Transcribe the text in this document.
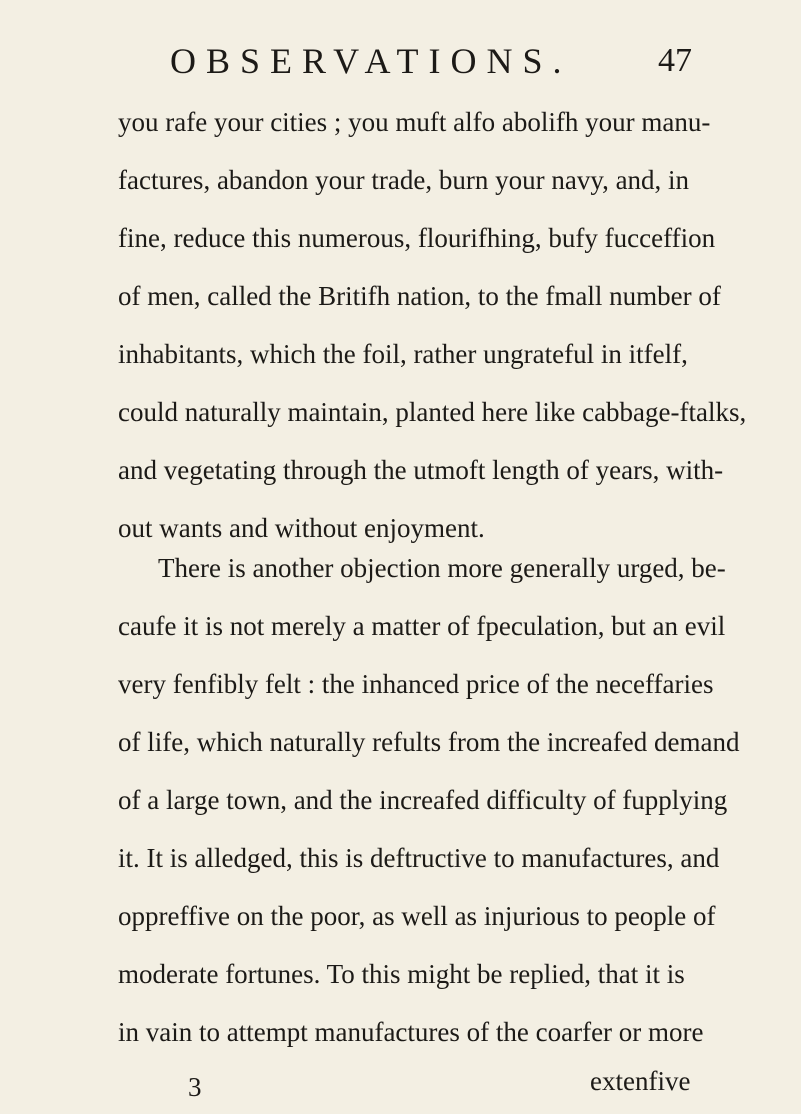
OBSERVATIONS.	47
you rafe your cities ; you muft alfo abolifh your manu-
factures, abandon your trade, burn your navy, and, in
fine, reduce this numerous, flourifhing, bufy fucceffion
of men, called the Britifh nation, to the fmall number of
inhabitants, which the foil, rather ungrateful in itfelf,
could naturally maintain, planted here like cabbage-ftalks,
and vegetating through the utmoft length of years, with-
out wants and without enjoyment.
There is another objection more generally urged, be-
caufe it is not merely a matter of fpeculation, but an evil
very fenfibly felt : the inhanced price of the neceffaries
of life, which naturally refults from the increafed demand
of a large town, and the increafed difficulty of fupplying
it. It is alledged, this is deftructive to manufactures, and
oppreffive on the poor, as well as injurious to people of
moderate fortunes. To this might be replied, that it is
in vain to attempt manufactures of the coarfer or more
3	extenfive
